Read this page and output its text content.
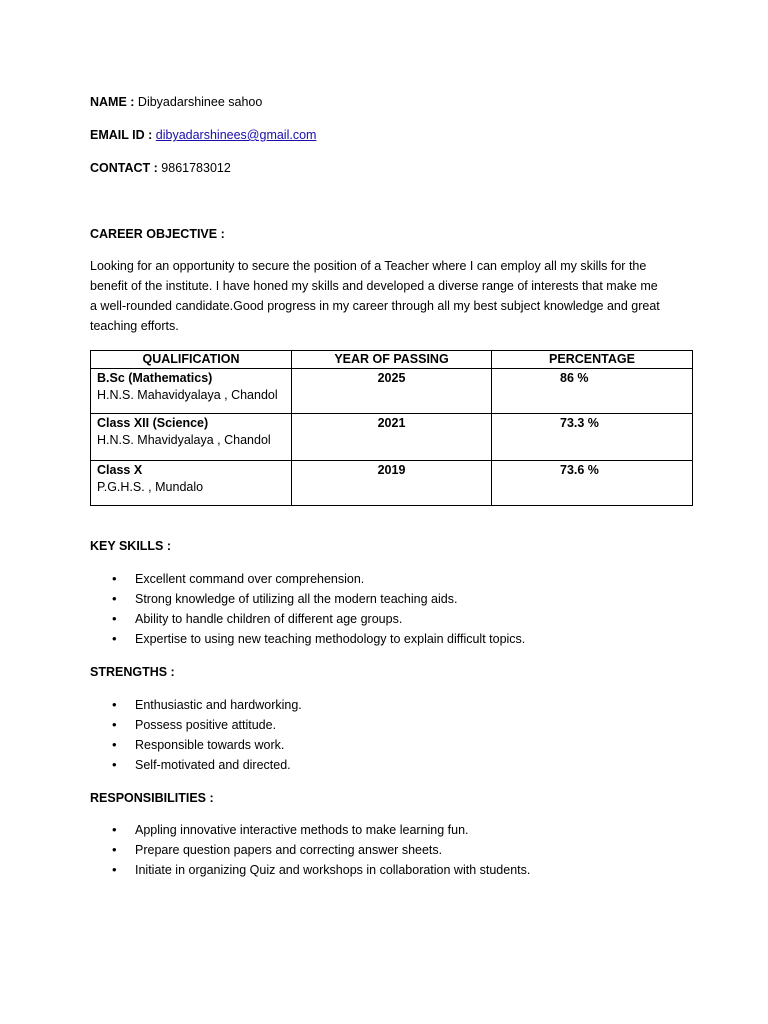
NAME : Dibyadarshinee sahoo
EMAIL ID : dibyadarshinees@gmail.com
CONTACT : 9861783012
CAREER OBJECTIVE :
Looking for an opportunity to secure the position of a Teacher where I can employ all my skills for the
benefit of the institute. I have honed my skills and developed a diverse range of interests that make me
a well-rounded candidate.Good progress in my career through all my best subject knowledge and great
teaching efforts.
QUALIFICATION	YEAR OF PASSING	PERCENTAGE

B.Sc (Mathematics)
H.N.S. Mahavidyalaya , Chandol	2025	86 %

Class XII (Science)
H.N.S. Mhavidyalaya , Chandol	2021	73.3 %

Class X
P.G.H.S. , Mundalo	2019	73.6 %
KEY SKILLS :
• Excellent command over comprehension.
• Strong knowledge of utilizing all the modern teaching aids.
• Ability to handle children of different age groups.
• Expertise to using new teaching methodology to explain difficult topics.
STRENGTHS :
• Enthusiastic and hardworking.
• Possess positive attitude.
• Responsible towards work.
• Self-motivated and directed.
RESPONSIBILITIES :
• Appling innovative interactive methods to make learning fun.
• Prepare question papers and correcting answer sheets.
• Initiate in organizing Quiz and workshops in collaboration with students.
